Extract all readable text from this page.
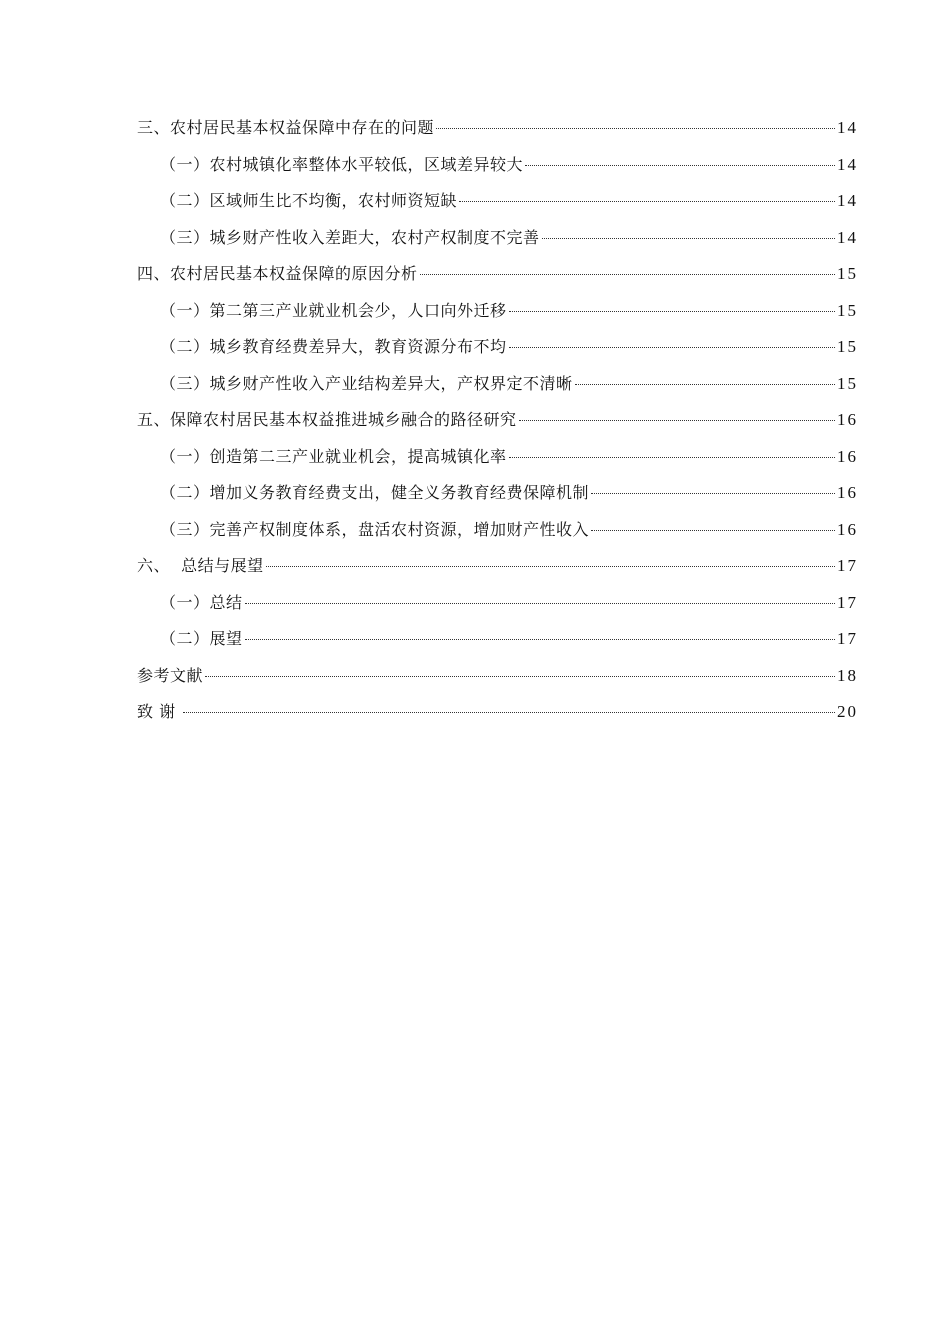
三、农村居民基本权益保障中存在的问题	14
（一）农村城镇化率整体水平较低，区域差异较大	14
（二）区域师生比不均衡，农村师资短缺	14
（三）城乡财产性收入差距大，农村产权制度不完善	14
四、农村居民基本权益保障的原因分析	15
（一）第二第三产业就业机会少，人口向外迁移	15
（二）城乡教育经费差异大，教育资源分布不均	15
（三）城乡财产性收入产业结构差异大，产权界定不清晰	15
五、保障农村居民基本权益推进城乡融合的路径研究	16
（一）创造第二三产业就业机会，提高城镇化率	16
（二）增加义务教育经费支出，健全义务教育经费保障机制	16
（三）完善产权制度体系，盘活农村资源，增加财产性收入	16
六、  总结与展望	17
（一）总结	17
（二）展望	17
参考文献	18
致 谢	20
